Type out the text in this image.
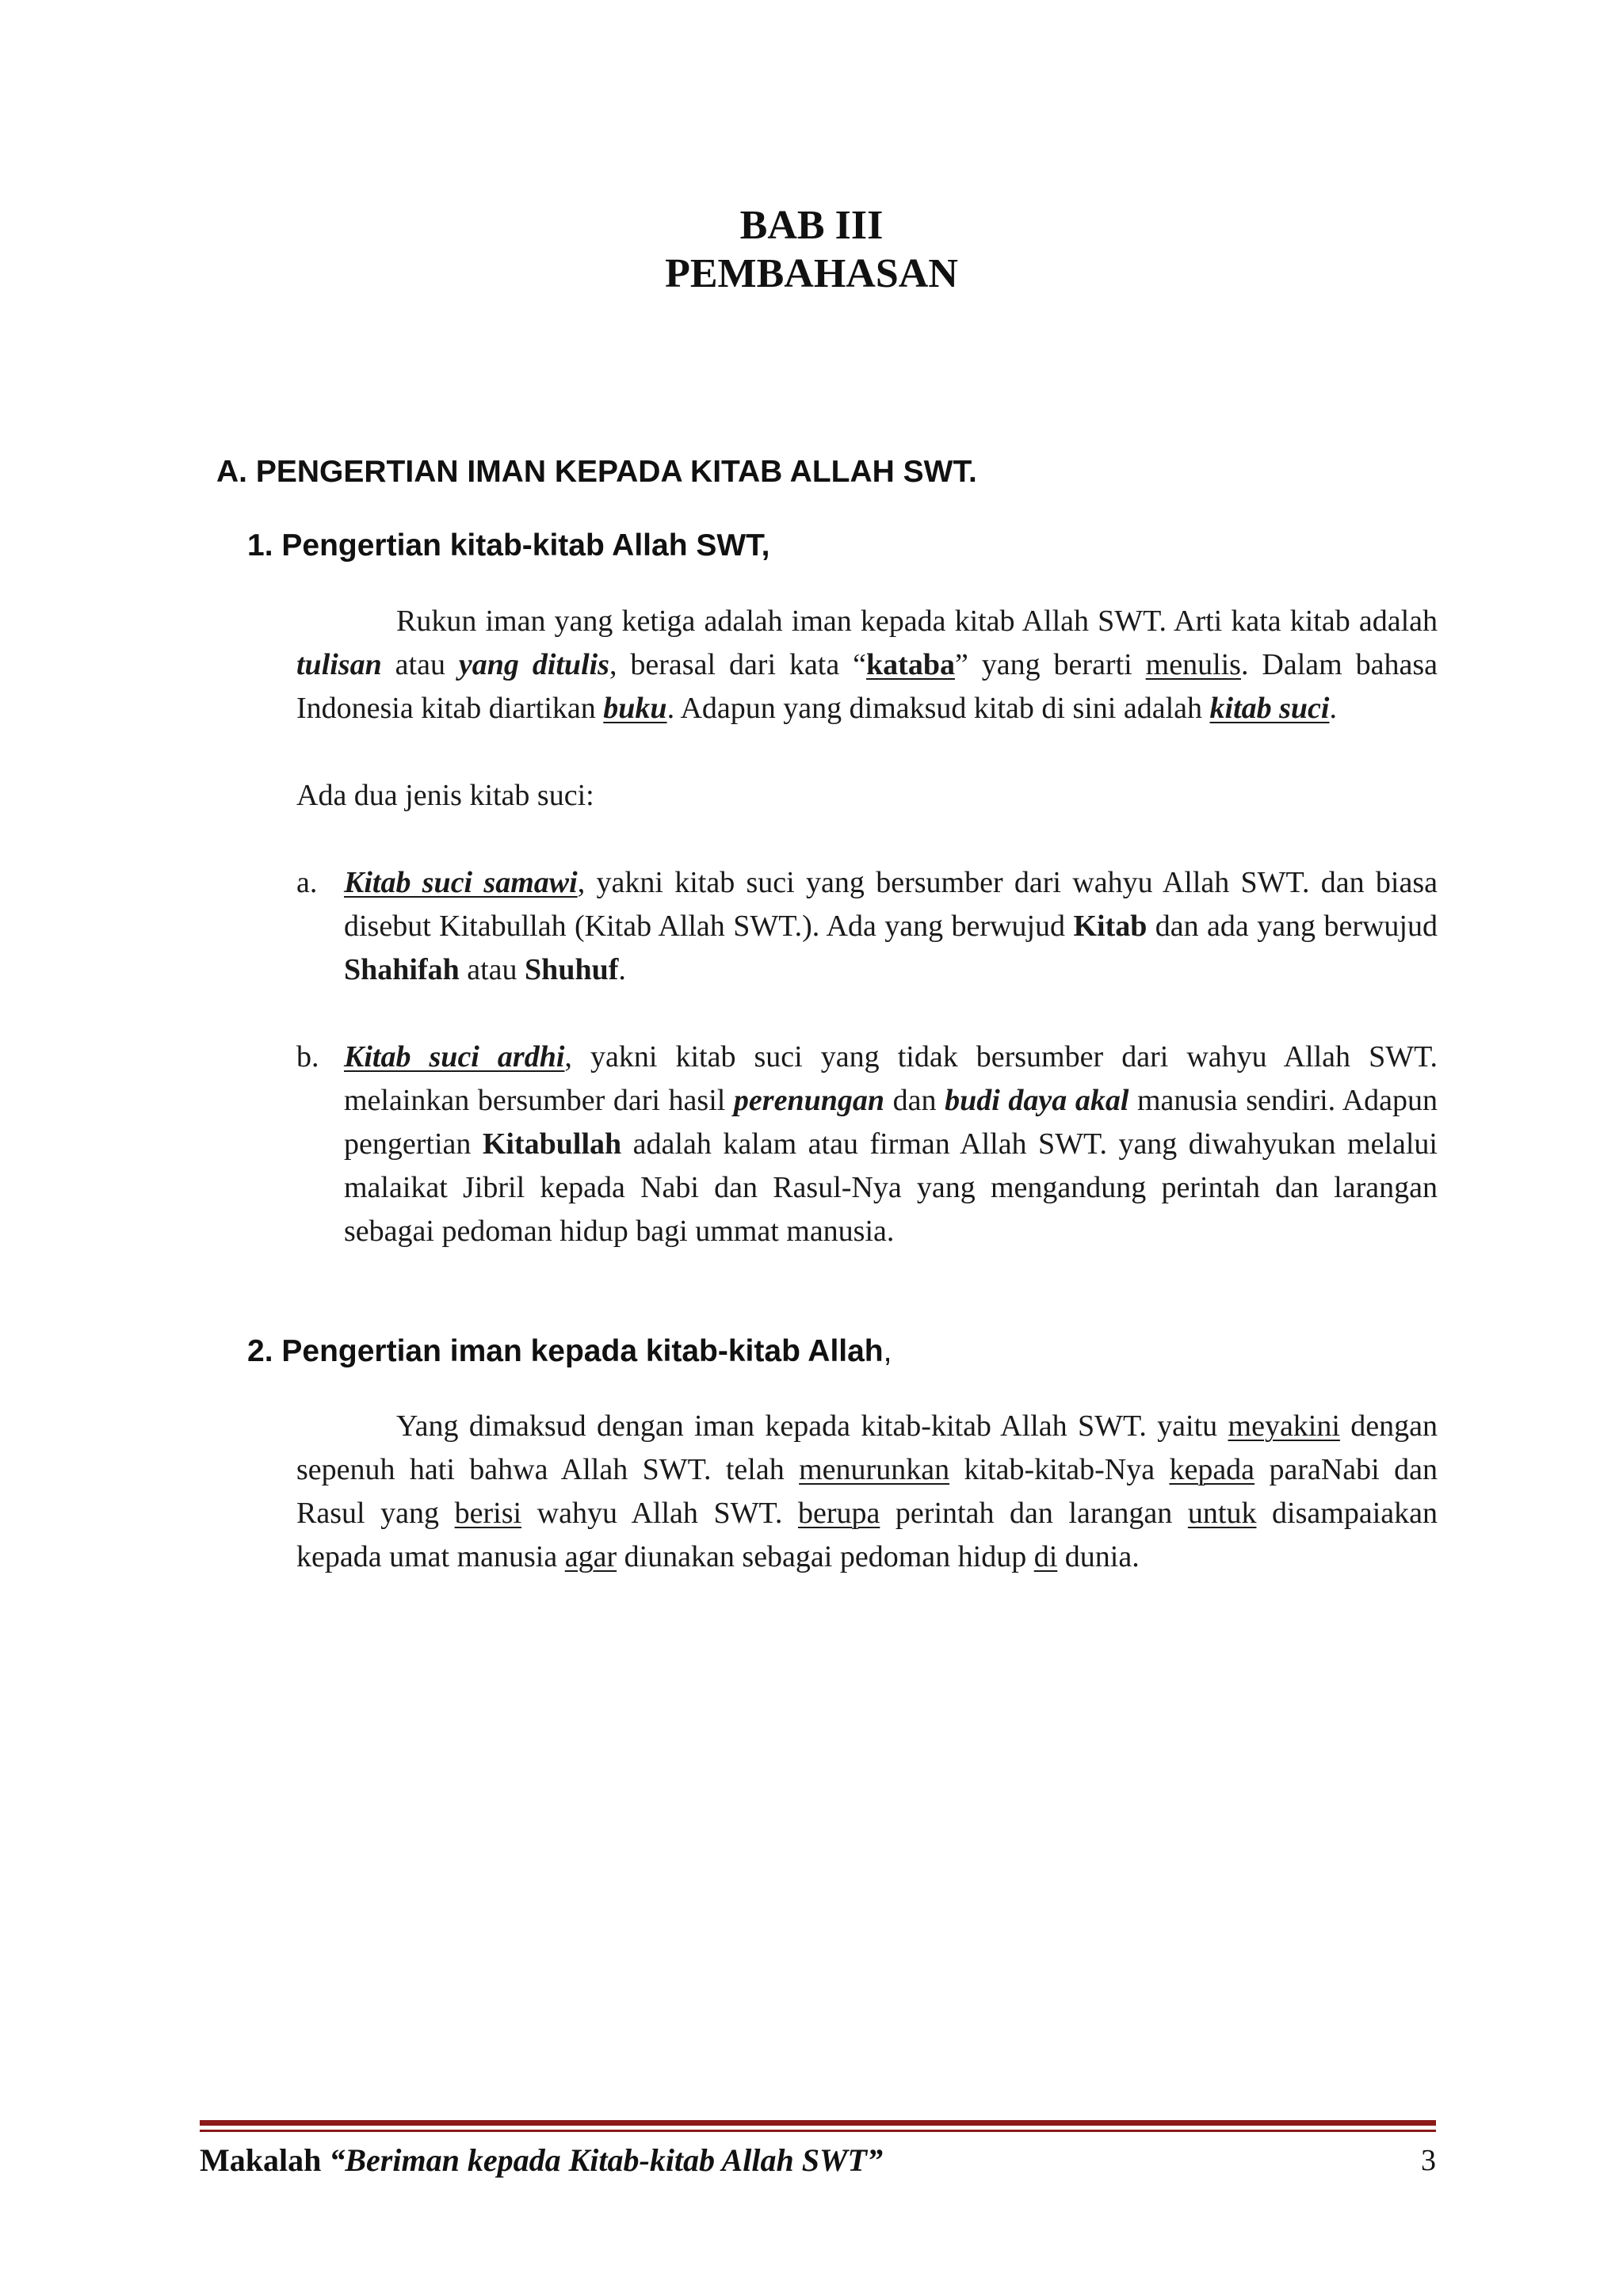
BAB III
PEMBAHASAN
A. PENGERTIAN IMAN KEPADA KITAB ALLAH SWT.
1. Pengertian kitab-kitab Allah SWT,

Rukun iman yang ketiga adalah iman kepada kitab Allah SWT. Arti kata kitab adalah tulisan atau yang ditulis, berasal dari kata “kataba” yang berarti menulis. Dalam bahasa Indonesia kitab diartikan buku. Adapun yang dimaksud kitab di sini adalah kitab suci.

Ada dua jenis kitab suci:

a. Kitab suci samawi, yakni kitab suci yang bersumber dari wahyu Allah SWT. dan biasa disebut Kitabullah (Kitab Allah SWT.). Ada yang berwujud Kitab dan ada yang berwujud Shahifah atau Shuhuf.
b. Kitab suci ardhi, yakni kitab suci yang tidak bersumber dari wahyu Allah SWT. melainkan bersumber dari hasil perenungan dan budi daya akal manusia sendiri. Adapun pengertian Kitabullah adalah kalam atau firman Allah SWT. yang diwahyukan melalui malaikat Jibril kepada Nabi dan Rasul-Nya yang mengandung perintah dan larangan sebagai pedoman hidup bagi ummat manusia.
2. Pengertian iman kepada kitab-kitab Allah,

Yang dimaksud dengan iman kepada kitab-kitab Allah SWT. yaitu meyakini dengan sepenuh hati bahwa Allah SWT. telah menurunkan kitab-kitab-Nya kepada paraNabi dan Rasul yang berisi wahyu Allah SWT. berupa perintah dan larangan untuk disampaiakan kepada umat manusia agar diunakan sebagai pedoman hidup di dunia.

Makalah “Beriman kepada Kitab-kitab Allah SWT”	3
